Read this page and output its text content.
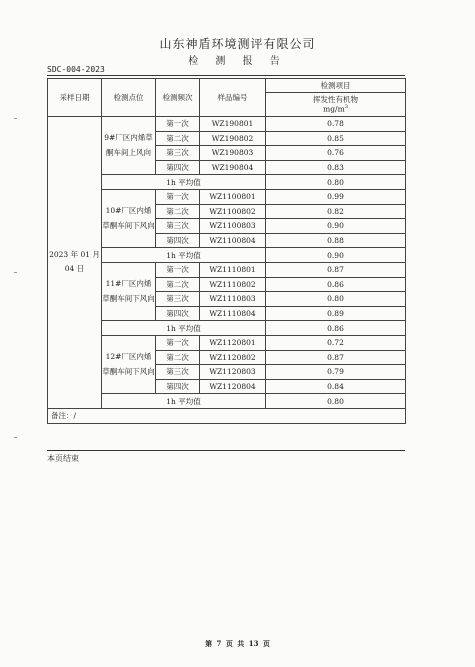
山东神盾环境测评有限公司
检 测 报 告
SDC-004-2023
采样日期	检测点位	检测频次	样品编号	检测项目

				挥发性有机物
$mg/m^3$

2023 年 01 月 04 日	9#厂区内烯草酮车间上风向	第一次	WZ190801	0.78
		第二次	WZ190802	0.85
		第三次	WZ190803	0.76
		第四次	WZ190804	0.83
	1h 平均值			0.80
	10#厂区内烯草酮车间下风向	第一次	WZ1100801	0.99
		第二次	WZ1100802	0.82
		第三次	WZ1100803	0.90
		第四次	WZ1100804	0.88
	1h 平均值			0.90
	11#厂区内烯草酮车间下风向	第一次	WZ1110801	0.87
		第二次	WZ1110802	0.86
		第三次	WZ1110803	0.80
		第四次	WZ1110804	0.89
	1h 平均值			0.86
	12#厂区内烯草酮车间下风向	第一次	WZ1120801	0.72
		第二次	WZ1120802	0.87
		第三次	WZ1120803	0.79
		第四次	WZ1120804	0.84
	1h 平均值			0.80
备注：/				
本页结束
第 7 页 共 13 页
